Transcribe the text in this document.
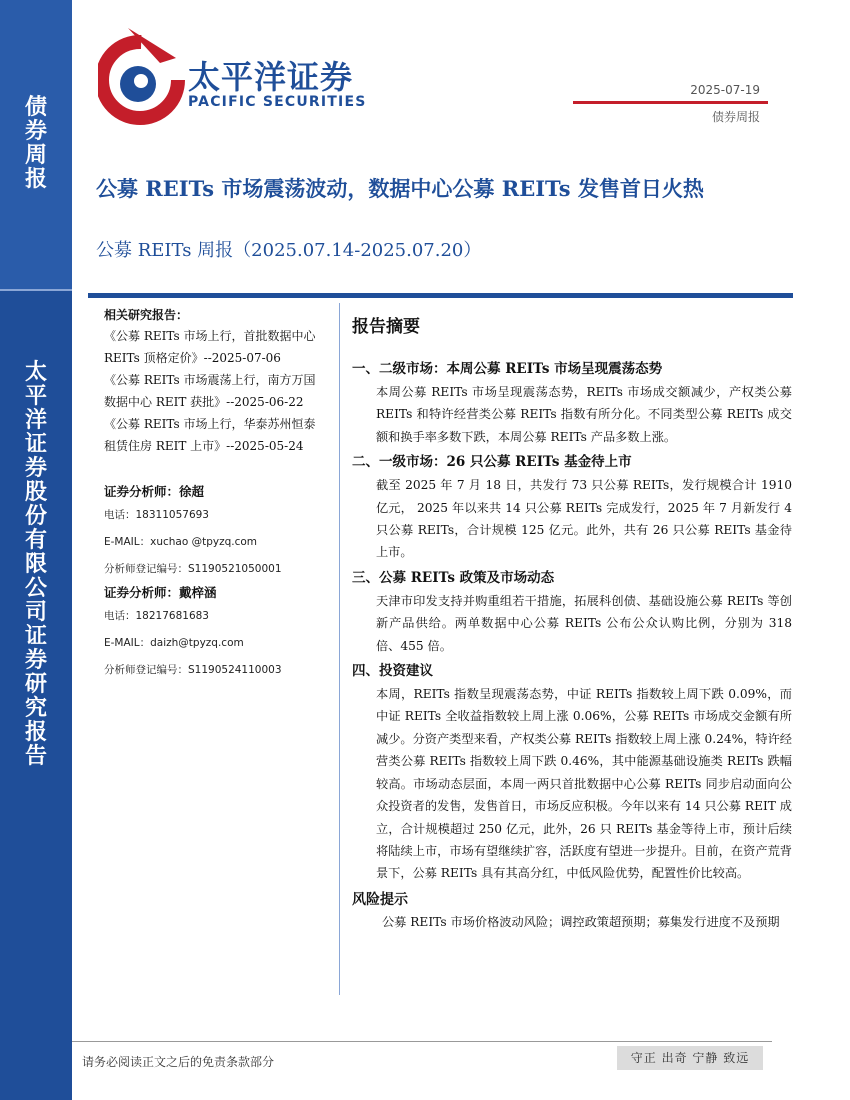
债券周报
太平洋证券股份有限公司证券研究报告
太平洋证券
PACIFIC SECURITIES
2025-07-19
债券周报
公募 REITs 市场震荡波动，数据中心公募 REITs 发售首日火热
公募 REITs 周报（2025.07.14-2025.07.20）

相关研究报告：

《公募 REITs 市场上行，首批数据中心 REITs 顶格定价》--2025-07-06

《公募 REITs 市场震荡上行，南方万国数据中心 REIT 获批》--2025-06-22

《公募 REITs 市场上行，华泰苏州恒泰租赁住房 REIT 上市》--2025-05-24

证券分析师：徐超
电话：18311057693
E-MAIL：xuchao @tpyzq.com
分析师登记编号：S1190521050001
证券分析师：戴梓涵
电话：18217681683
E-MAIL：daizh@tpyzq.com
分析师登记编号：S1190524110003

报告摘要

一、二级市场：本周公募 REITs 市场呈现震荡态势

本周公募 REITs 市场呈现震荡态势，REITs 市场成交额减少，产权类公募 REITs 和特许经营类公募 REITs 指数有所分化。不同类型公募 REITs 成交额和换手率多数下跌，本周公募 REITs 产品多数上涨。

二、一级市场：26 只公募 REITs 基金待上市

截至 2025 年 7 月 18 日，共发行 73 只公募 REITs，发行规模合计 1910 亿元， 2025 年以来共 14 只公募 REITs 完成发行，2025 年 7 月新发行 4 只公募 REITs，合计规模 125 亿元。此外，共有 26 只公募 REITs 基金待上市。

三、公募 REITs 政策及市场动态

天津市印发支持并购重组若干措施，拓展科创债、基础设施公募 REITs 等创新产品供给。两单数据中心公募 REITs 公布公众认购比例，分别为 318 倍、455 倍。

四、投资建议

本周，REITs 指数呈现震荡态势，中证 REITs 指数较上周下跌 0.09%，而中证 REITs 全收益指数较上周上涨 0.06%，公募 REITs 市场成交金额有所减少。分资产类型来看，产权类公募 REITs 指数较上周上涨 0.24%，特许经营类公募 REITs 指数较上周下跌 0.46%，其中能源基础设施类 REITs 跌幅较高。市场动态层面，本周一两只首批数据中心公募 REITs 同步启动面向公众投资者的发售，发售首日，市场反应积极。今年以来有 14 只公募 REIT 成立，合计规模超过 250 亿元，此外，26 只 REITs 基金等待上市，预计后续将陆续上市，市场有望继续扩容，活跃度有望进一步提升。目前，在资产荒背景下，公募 REITs 具有其高分红，中低风险优势，配置性价比较高。

风险提示

公募 REITs 市场价格波动风险；调控政策超预期；募集发行进度不及预期

请务必阅读正文之后的免责条款部分	守正 出奇 宁静 致远
